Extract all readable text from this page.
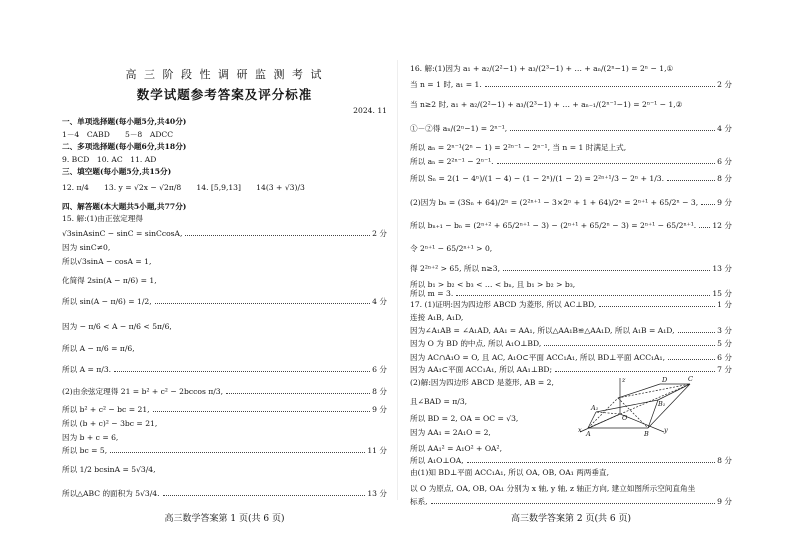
高 三 阶 段 性 调 研 监 测 考 试
数学试题参考答案及评分标准
2024. 11
高三数学答案第 1 页(共 6 页)
一、单项选择题(每小题5分,共40分)
1－4　CABD　　5－8　ADCC
二、多项选择题(每小题6分,共18分)
9. BCD　10. AC　11. AD
三、填空题(每小题5分,共15分)
12. π/4　　13. y = √2x − √2π/8　　14. [5,9,13]　　14(3 + √3)/3
四、解答题(本大题共5小题,共77分)
15. 解:(1)由正弦定理得
√3sinAsinC − sinC = sinCcosA,	2 分
因为 sinC≠0,
所以√3sinA − cosA = 1,
化简得 2sin(A − π/6) = 1,
所以 sin(A − π/6) = 1/2,	4 分
因为 − π/6 < A − π/6 < 5π/6,
所以 A − π/6 = π/6,
所以 A = π/3.	6 分
(2)由余弦定理得 21 = b² + c² − 2bccos π/3,	8 分
所以 b² + c² − bc = 21,	9 分
所以 (b + c)² − 3bc = 21,
因为 b + c = 6,
所以 bc = 5,	11 分
所以 1/2 bcsinA = 5√3/4,
所以△ABC 的面积为 5√3/4.	13 分
z	D	C
A₁	B₁
O
x A	B y
高三数学答案第 2 页(共 6 页)
16. 解:(1)因为 a₁ + a₂/(2²−1) + a₃/(2³−1) + … + aₙ/(2ⁿ−1) = 2ⁿ − 1,①
当 n = 1 时, a₁ = 1.	2 分
当 n≥2 时, a₁ + a₂/(2²−1) + a₃/(2³−1) + … + aₙ₋₁/(2ⁿ⁻¹−1) = 2ⁿ⁻¹ − 1,②
①－②得 aₙ/(2ⁿ−1) = 2ⁿ⁻¹,	4 分
所以 aₙ = 2ⁿ⁻¹(2ⁿ − 1) = 2²ⁿ⁻¹ − 2ⁿ⁻¹, 当 n = 1 时满足上式,
所以 aₙ = 2²ⁿ⁻¹ − 2ⁿ⁻¹.	6 分
所以 Sₙ = 2(1 − 4ⁿ)/(1 − 4) − (1 − 2ⁿ)/(1 − 2) = 2²ⁿ⁺¹/3 − 2ⁿ + 1/3.	8 分
(2)因为 bₙ = (3Sₙ + 64)/2ⁿ = (2²ⁿ⁺¹ − 3×2ⁿ + 1 + 64)/2ⁿ = 2ⁿ⁺¹ + 65/2ⁿ − 3, 9 分
所以 bₙ₊₁ − bₙ = (2ⁿ⁺² + 65/2ⁿ⁺¹ − 3) − (2ⁿ⁺¹ + 65/2ⁿ − 3) = 2ⁿ⁺¹ − 65/2ⁿ⁺¹. 12 分
令 2ⁿ⁺¹ − 65/2ⁿ⁺¹ > 0,
得 2²ⁿ⁺² > 65, 所以 n≥3,	13 分
所以 b₁ > b₂ < b₃ < … < bₙ, 且 b₁ > b₂ > b₃,
所以 m = 3.	15 分
17. (1)证明:因为四边形 ABCD 为菱形, 所以 AC⊥BD,	1 分
连接 A₁B, A₁D,
因为∠A₁AB = ∠A₁AD, AA₁ = AA₁, 所以△AA₁B≌△AA₁D, 所以 A₁B = A₁D,	3 分
因为 O 为 BD 的中点, 所以 A₁O⊥BD,	5 分
因为 AC∩A₁O = O, 且 AC, A₁O⊂平面 ACC₁A₁, 所以 BD⊥平面 ACC₁A₁,	6 分
因为 AA₁⊂平面 ACC₁A₁, 所以 AA₁⊥BD;	7 分
(2)解:因为四边形 ABCD 是菱形, AB = 2,
且∠BAD = π/3,
所以 BD = 2, OA = OC = √3,
因为 AA₁ = 2A₁O = 2,
所以 AA₁² = A₁O² + OA²,
所以 A₁O⊥OA,	8 分
由(1)知 BD⊥平面 ACC₁A₁, 所以 OA, OB, OA₁ 两两垂直,
以 O 为原点, OA, OB, OA₁ 分别为 x 轴, y 轴, z 轴正方向, 建立如图所示空间直角坐
标系,	9 分
